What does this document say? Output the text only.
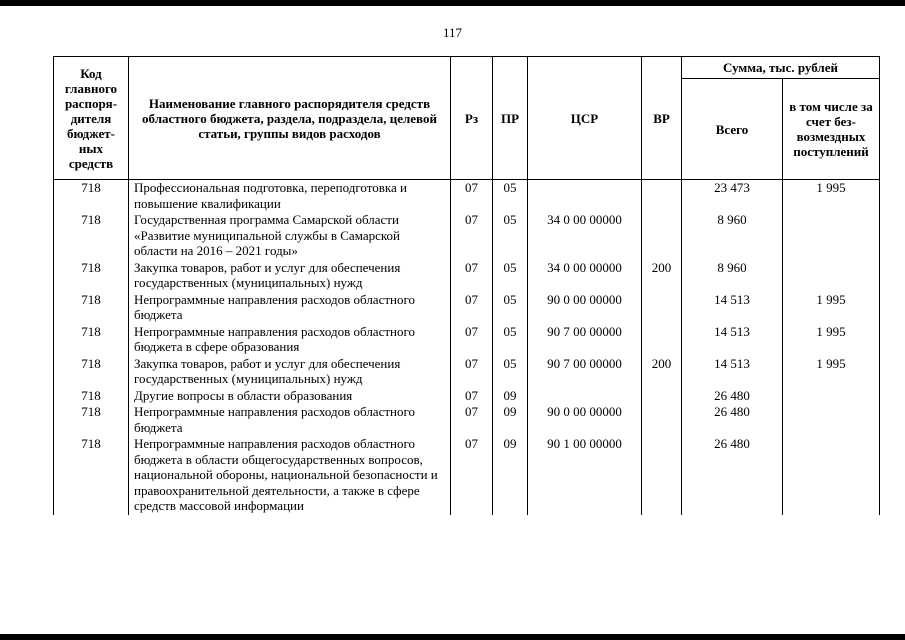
117
Код главного распоря-дителя бюджет-ных средств	Наименование главного распорядителя средств областного бюджета, раздела, подраздела, целевой статьи, группы видов расходов	Рз	ПР	ЦСР	ВР	Сумма, тыс. рублей	
						Всего	в том числе за счет без-возмездных поступлений
718	Профессиональная подготовка, переподготовка и повышение квалификации	07	05			23 473	1 995
718	Государственная программа Самарской области «Развитие муниципальной службы в Самарской области на 2016 – 2021 годы»	07	05	34 0 00 00000		8 960	
718	Закупка товаров, работ и услуг для обеспечения государственных (муниципальных) нужд	07	05	34 0 00 00000	200	8 960	
718	Непрограммные направления расходов областного бюджета	07	05	90 0 00 00000		14 513	1 995
718	Непрограммные направления расходов областного бюджета в сфере образования	07	05	90 7 00 00000		14 513	1 995
718	Закупка товаров, работ и услуг для обеспечения государственных (муниципальных) нужд	07	05	90 7 00 00000	200	14 513	1 995
718	Другие вопросы в области образования	07	09			26 480	
718	Непрограммные направления расходов областного бюджета	07	09	90 0 00 00000		26 480	
718	Непрограммные направления расходов областного бюджета в области общегосударственных вопросов, национальной обороны, национальной безопасности и правоохранительной деятельности, а также в сфере средств массовой информации	07	09	90 1 00 00000		26 480	
